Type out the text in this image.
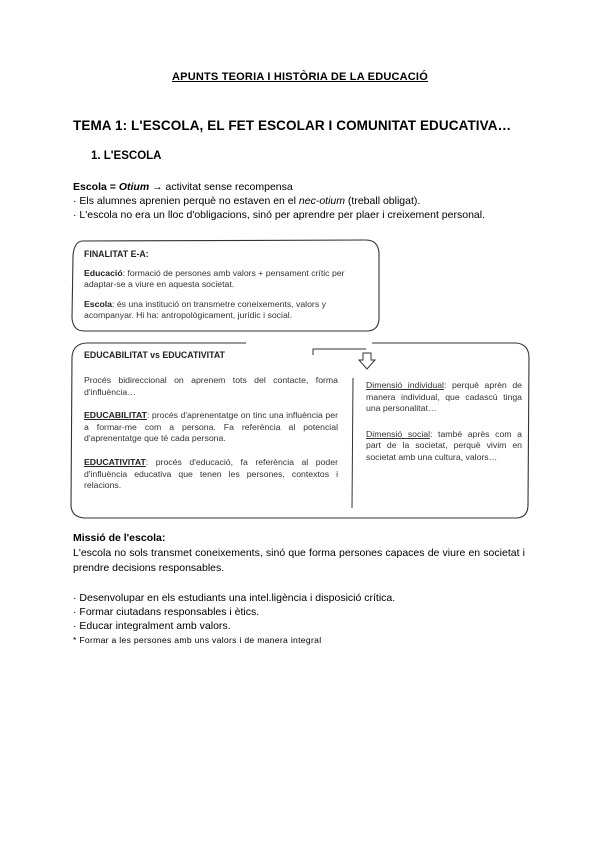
APUNTS TEORIA I HISTÒRIA DE LA EDUCACIÓ
TEMA 1: L'ESCOLA, EL FET ESCOLAR I COMUNITAT EDUCATIVA…
1. L'ESCOLA
Escola = Otium → activitat sense recompensa
· Els alumnes aprenien perquè no estaven en el nec-otium (treball obligat).
· L'escola no era un lloc d'obligacions, sinó per aprendre per plaer i creixement personal.
FINALITAT E-A:

Educació: formació de persones amb valors + pensament crític per adaptar-se a viure en aquesta societat.

Escola: és una institució on transmetre coneixements, valors y acompanyar. Hi ha: antropològicament, jurídic i social.

EDUCABILITAT vs EDUCATIVITAT

Procés bidireccional on aprenem tots del contacte, forma d'influència…

EDUCABILITAT: procés d'aprenentatge on tinc una influència per a formar-me com a persona. Fa referència al potencial d'aprenentatge que té cada persona.

EDUCATIVITAT: procés d'educació, fa referència al poder d'influència educativa que tenen les persones, contextos i relacions.

Dimensió individual: perquè aprèn de manera individual, que cadascú tinga una personalitat…

Dimensió social: també après com a part de la societat, perquè vivim en societat amb una cultura, valors…

Missió de l'escola:
L'escola no sols transmet coneixements, sinó que forma persones capaces de viure en societat i prendre decisions responsables.
· Desenvolupar en els estudiants una intel.ligència i disposició crítica.
· Formar ciutadans responsables i ètics.
· Educar integralment amb valors.
* Formar a les persones amb uns valors i de manera integral
